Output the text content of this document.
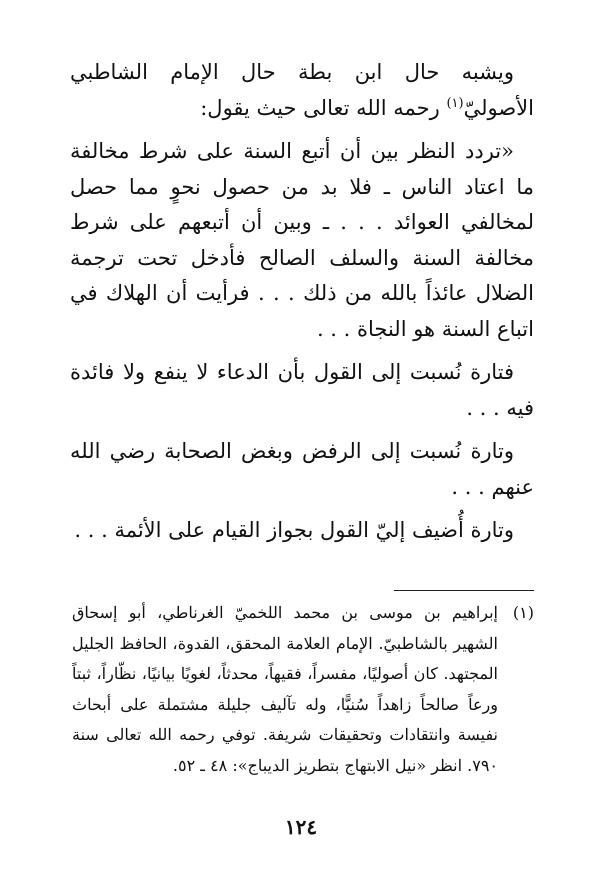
ويشبه حال ابن بطة حال الإمام الشاطبي الأصوليّ$^{(١)}$ رحمه الله تعالى حيث يقول:

«تردد النظر بين أن أتبع السنة على شرط مخالفة ما اعتاد الناس ـ فلا بد من حصول نحوٍ مما حصل لمخالفي العوائد . . . ـ وبين أن أتبعهم على شرط مخالفة السنة والسلف الصالح فأدخل تحت ترجمة الضلال عائذاً بالله من ذلك . . . فرأيت أن الهلاك في اتباع السنة هو النجاة . . .

فتارة نُسبت إلى القول بأن الدعاء لا ينفع ولا فائدة فيه . . .

وتارة نُسبت إلى الرفض وبغض الصحابة رضي الله عنهم . . .

وتارة أُضيف إليّ القول بجواز القيام على الأئمة . . .

(١)

إبراهيم بن موسى بن محمد اللخميّ الغرناطي، أبو إسحاق الشهير بالشاطبيّ. الإمام العلامة المحقق، القدوة، الحافظ الجليل المجتهد. كان أصوليًا، مفسراً، فقيهاً، محدثاً، لغويًا بيانيًا، نظّاراً، ثبتاً ورعاً صالحاً زاهداً سُنيًّا، وله تآليف جليلة مشتملة على أبحاث نفيسة وانتقادات وتحقيقات شريفة. توفي رحمه الله تعالى سنة ٧٩٠. انظر «نيل الابتهاج بتطريز الديباج»: ٤٨ ـ ٥٢.

١٢٤
